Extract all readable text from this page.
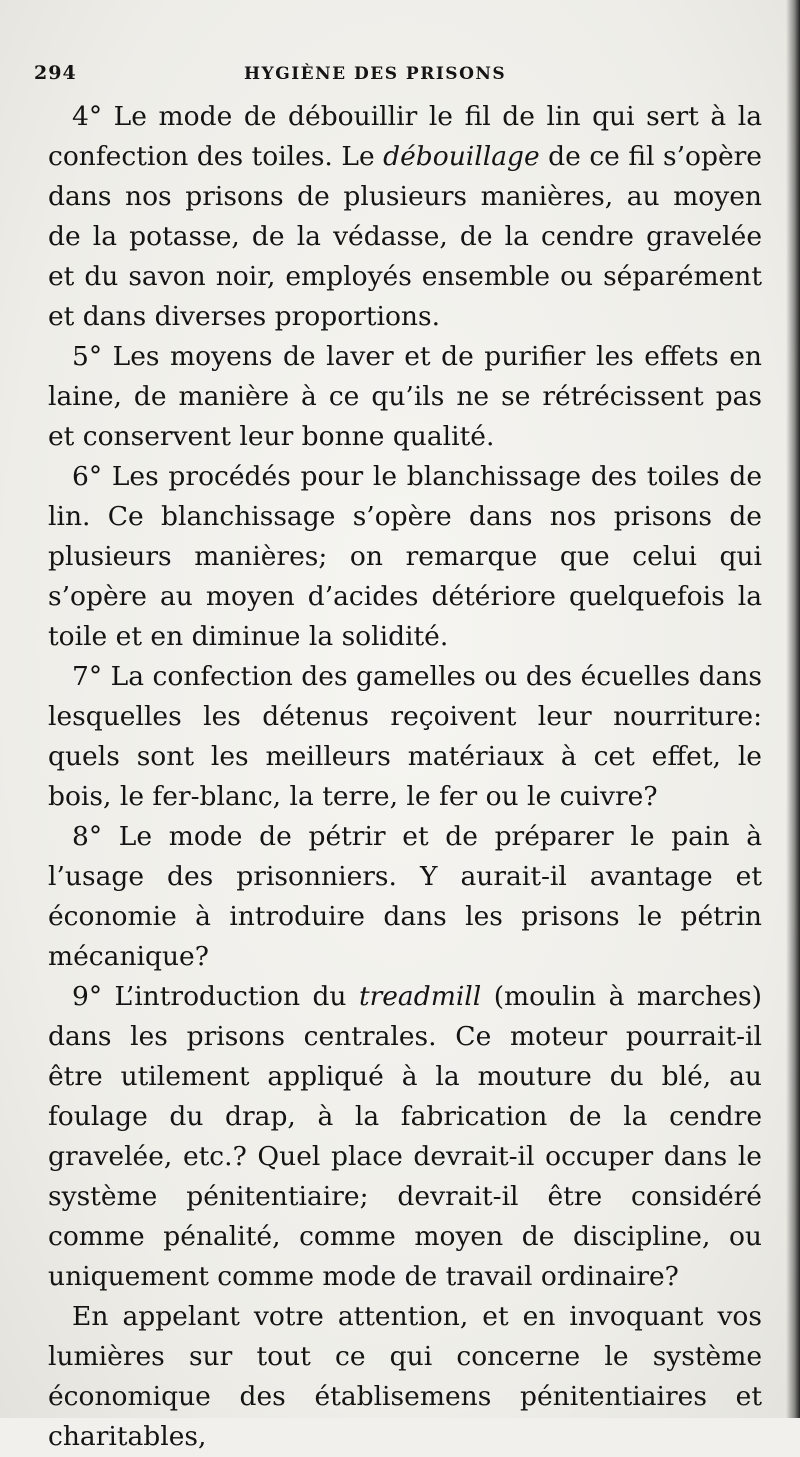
294	HYGIÈNE DES PRISONS

4° Le mode de débouillir le fil de lin qui sert à la confection des toiles. Le débouillage de ce fil s’opère dans nos prisons de plusieurs manières, au moyen de la potasse, de la védasse, de la cendre gravelée et du savon noir, employés ensemble ou séparément et dans diverses proportions.

5° Les moyens de laver et de purifier les effets en laine, de manière à ce qu’ils ne se rétrécissent pas et conservent leur bonne qualité.

6° Les procédés pour le blanchissage des toiles de lin. Ce blanchissage s’opère dans nos prisons de plusieurs manières; on remarque que celui qui s’opère au moyen d’acides détériore quelquefois la toile et en diminue la solidité.

7° La confection des gamelles ou des écuelles dans lesquelles les détenus reçoivent leur nourriture: quels sont les meilleurs matériaux à cet effet, le bois, le fer-blanc, la terre, le fer ou le cuivre?

8° Le mode de pétrir et de préparer le pain à l’usage des prisonniers. Y aurait-il avantage et économie à introduire dans les prisons le pétrin mécanique?

9° L’introduction du treadmill (moulin à marches) dans les prisons centrales. Ce moteur pourrait-il être utilement appliqué à la mouture du blé, au foulage du drap, à la fabrication de la cendre gravelée, etc.? Quel place devrait-il occuper dans le système pénitentiaire; devrait-il être considéré comme pénalité, comme moyen de discipline, ou uniquement comme mode de travail ordinaire?

En appelant votre attention, et en invoquant vos lumières sur tout ce qui concerne le système économique des établisemens pénitentiaires et charitables,
